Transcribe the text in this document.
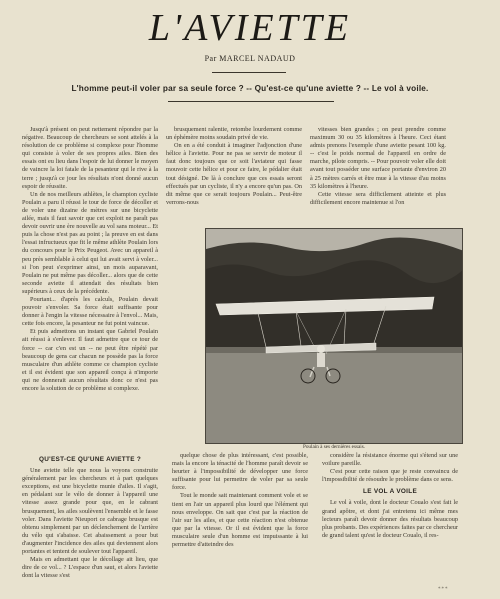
L'AVIETTE
Par MARCEL NADAUD
L'homme peut-il voler par sa seule force ? -- Qu'est-ce qu'une aviette ? -- Le vol à voile.

Jusqu'à présent on peut nettement répondre par la négative. Beaucoup de chercheurs se sont attelés à la résolution de ce problème si complexe pour l'homme qui consiste à voler de ses propres ailes. Bien des essais ont eu lieu dans l'espoir de lui donner le moyen de vaincre la loi fatale de la pesanteur qui le rive à la terre ; jusqu'à ce jour les résultats n'ont donné aucun espoir de réussite.

Un de nos meilleurs athlètes, le champion cycliste Poulain a paru il réussi le tour de force de décoller et de voler une dizaine de mètres sur une bicyclette ailée, mais il faut savoir que cet exploit ne paraît pas devoir ouvrir une ère nouvelle au vol sans moteur... Et puis la chose n'est pas au point ; la preuve en est dans l'essai infructueux que fit le même athlète Poulain lors du concours pour le Prix Peugeot. Avec un appareil à peu près semblable à celui qui lui avait servi à voler... si l'on peut s'exprimer ainsi, un mois auparavant, Poulain ne put même pas décoller... alors que de cette seconde aviette il attendait des résultats bien supérieurs à ceux de la précédente.

Pourtant... d'après les calculs, Poulain devait pouvoir s'envoler. Sa force était suffisante pour donner à l'engin la vitesse nécessaire à l'envol... Mais, cette fois encore, la pesanteur ne fut point vaincue.

Et puis admettons un instant que Gabriel Poulain ait réussi à s'enlever. Il faut admettre que ce tour de force -- car c'en est un -- ne peut être répété par beaucoup de gens car chacun ne possède pas la force musculaire d'un athlète comme ce champion cycliste et il est évident que son appareil conçu à n'importe qui ne donnerait aucun résultats donc ce n'est pas encore la solution de ce problème si complexe.

brusquement ralentie, retombe lourdement comme un éphémère moins soudain privé de vie.

On en a été conduit à imaginer l'adjonction d'une hélice à l'aviette. Pour ne pas se servir de moteur il faut donc toujours que ce soit l'aviateur qui fasse mouvoir cette hélice et pour ce faire, le pédalier était tout désigné. De là à conclure que ces essais seront effectués par un cycliste, il n'y a encore qu'un pas. On dit même que ce serait toujours Poulain... Peut-être verrons-nous

vitesses bien grandes ; on peut prendre comme maximum 30 ou 35 kilomètres à l'heure. Ceci étant admis prenons l'exemple d'une aviette pesant 100 kg. -- c'est le poids normal de l'appareil en ordre de marche, pilote compris. -- Pour pouvoir voler elle doit avant tout posséder une surface portante d'environ 20 à 25 mètres carrés et être mue à la vitesse d'au moins 35 kilomètres à l'heure.

Cette vitesse sera difficilement atteinte et plus difficilement encore maintenue si l'on

Poulain à ses dernières essais.
QU'EST-CE QU'UNE AVIETTE ?

Une aviette telle que nous la voyons construite généralement par les chercheurs et à part quelques exceptions, est une bicyclette munie d'ailes. Il s'agit, en pédalant sur le vélo de donner à l'appareil une vitesse assez grande pour que, en le cabrant brusquement, les ailes soulèvent l'ensemble et le fasse voler. Dans l'aviette Nieuport ce cabrage brusque est obtenu simplement par un déclenchement de l'arrière du vélo qui s'abaisse. Cet abaissement a pour but d'augmenter l'incidence des ailes qui deviennent alors portantes et tentent de soulever tout l'appareil.

Mais en admettant que le décollage ait lieu, que dire de ce vol... ? L'espace d'un saut, et alors l'aviette dont la vitesse s'est

quelque chose de plus intéressant, c'est possible, mais la encore la ténacité de l'homme paraît devoir se heurter à l'impossibilité de développer une force suffisante pour lui permettre de voler par sa seule force.

Tout le monde sait maintenant comment vole et se tient en l'air un appareil plus lourd que l'élément qui nous enveloppe. On sait que c'est par la réaction de l'air sur les ailes, et que cette réaction n'est obtenue que par la vitesse. Or il est évident que la force musculaire seule d'un homme est impuissante à lui permettre d'atteindre des

considère la résistance énorme qui s'étend sur une voilure pareille.

C'est pour cette raison que je reste convaincu de l'impossibilité de résoudre le problème dans ce sens.

LE VOL A VOILE

Le vol à voile, dont le docteur Coualo s'est fait le grand apôtre, et dont j'ai entretenu ici même mes lecteurs paraît devoir donner des résultats beaucoup plus probants. Des expériences faites par ce chercheur de grand talent qu'est le docteur Coualo, il res-

***
